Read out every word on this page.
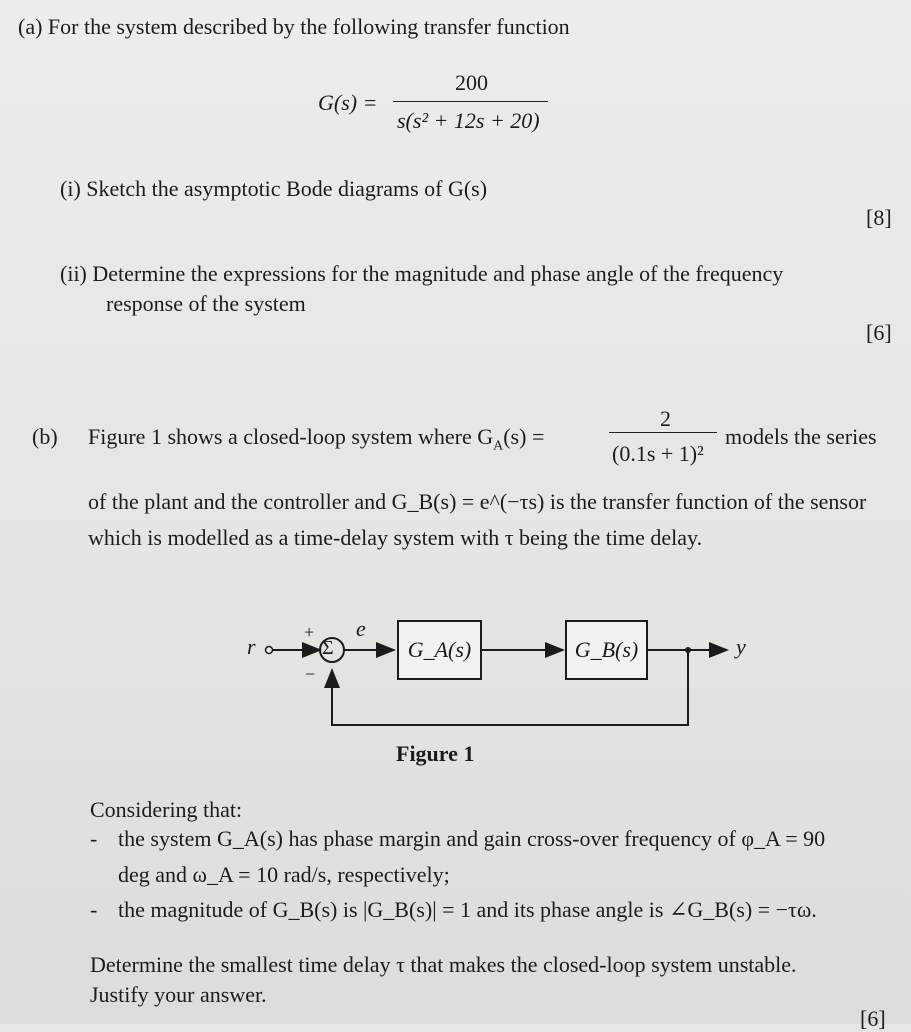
(a) For the system described by the following transfer function
G(s) =
200
s(s² + 12s + 20)
(i) Sketch the asymptotic Bode diagrams of G(s)
[8]
(ii) Determine the expressions for the magnitude and phase angle of the frequency
response of the system
[6]
(b) Figure 1 shows a closed-loop system where $G_A(s)$ =
2
(0.1s + 1)²
models the series
of the plant and the controller and G_B(s) = e^(−τs) is the transfer function of the sensor
which is modelled as a time-delay system with τ being the time delay.
Σ
r
+
−
e
y
G_A(s)	G_B(s)
Figure 1
Considering that:
- the system G_A(s) has phase margin and gain cross-over frequency of φ_A = 90
deg and ω_A = 10 rad/s, respectively;
- the magnitude of G_B(s) is |G_B(s)| = 1 and its phase angle is ∠G_B(s) = −τω.
Determine the smallest time delay τ that makes the closed-loop system unstable.
Justify your answer.
[6]
